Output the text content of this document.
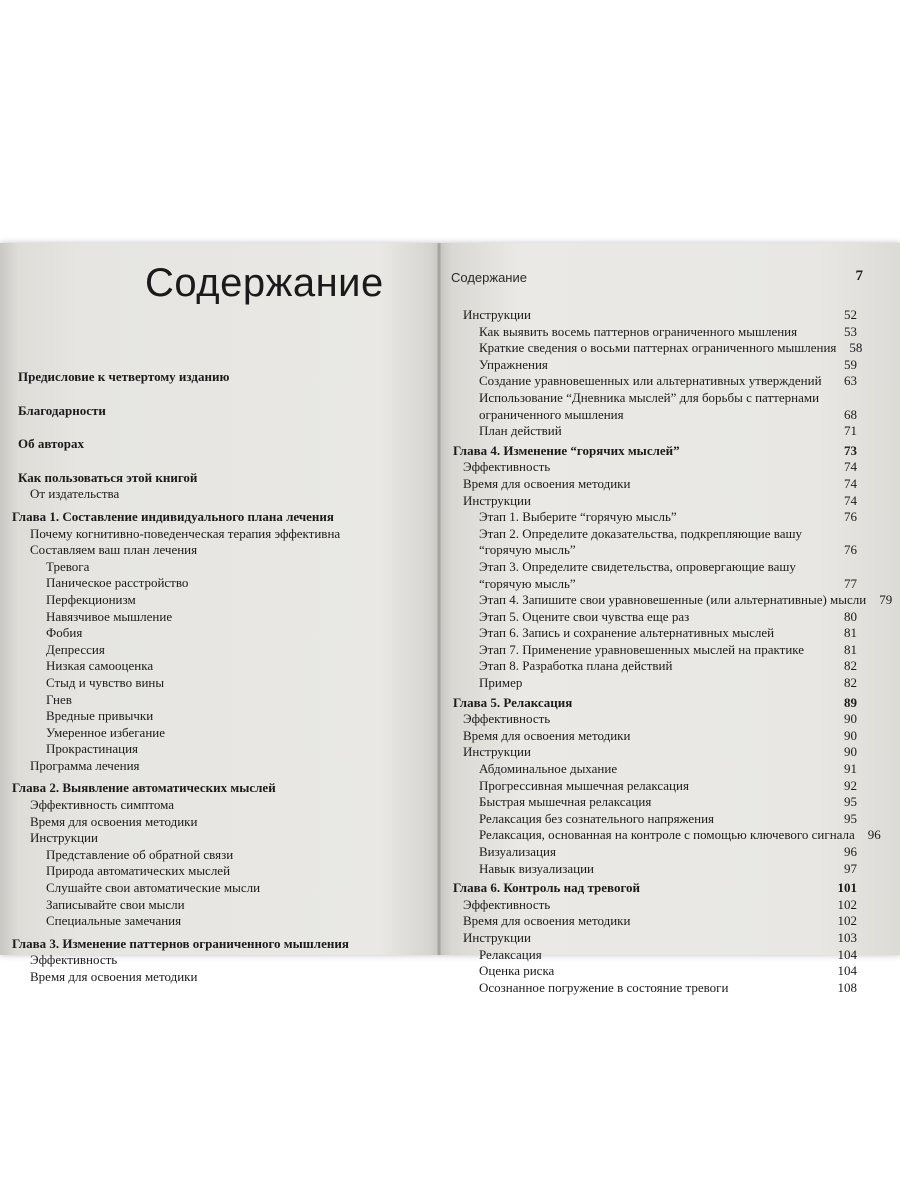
Содержание
Предисловие к четвертому изданию
Благодарности
Об авторах
Как пользоваться этой книгой
От издательства
Глава 1. Составление индивидуального плана лечения
Почему когнитивно-поведенческая терапия эффективна
Составляем ваш план лечения
Тревога
Паническое расстройство
Перфекционизм
Навязчивое мышление
Фобия
Депрессия
Низкая самооценка
Стыд и чувство вины
Гнев
Вредные привычки
Умеренное избегание
Прокрастинация
Программа лечения
Глава 2. Выявление автоматических мыслей
Эффективность симптома
Время для освоения методики
Инструкции
Представление об обратной связи
Природа автоматических мыслей
Слушайте свои автоматические мысли
Записывайте свои мысли
Специальные замечания
Глава 3. Изменение паттернов ограниченного мышления
Эффективность
Время для освоения методики
Содержание	7
Инструкции	52
Как выявить восемь паттернов ограниченного мышления	53
Краткие сведения о восьми паттернах ограниченного мышления	58
Упражнения	59
Создание уравновешенных или альтернативных утверждений	63
Использование “Дневника мыслей” для борьбы с паттернами ограниченного мышления	68
План действий	71
Глава 4. Изменение “горячих мыслей”	73
Эффективность	74
Время для освоения методики	74
Инструкции	74
Этап 1. Выберите “горячую мысль”	76
Этап 2. Определите доказательства, подкрепляющие вашу “горячую мысль”	76
Этап 3. Определите свидетельства, опровергающие вашу “горячую мысль”	77
Этап 4. Запишите свои уравновешенные (или альтернативные) мысли	79
Этап 5. Оцените свои чувства еще раз	80
Этап 6. Запись и сохранение альтернативных мыслей	81
Этап 7. Применение уравновешенных мыслей на практике	81
Этап 8. Разработка плана действий	82
Пример	82
Глава 5. Релаксация	89
Эффективность	90
Время для освоения методики	90
Инструкции	90
Абдоминальное дыхание	91
Прогрессивная мышечная релаксация	92
Быстрая мышечная релаксация	95
Релаксация без сознательного напряжения	95
Релаксация, основанная на контроле с помощью ключевого сигнала	96
Визуализация	96
Навык визуализации	97
Глава 6. Контроль над тревогой	101
Эффективность	102
Время для освоения методики	102
Инструкции	103
Релаксация	104
Оценка риска	104
Осознанное погружение в состояние тревоги	108
